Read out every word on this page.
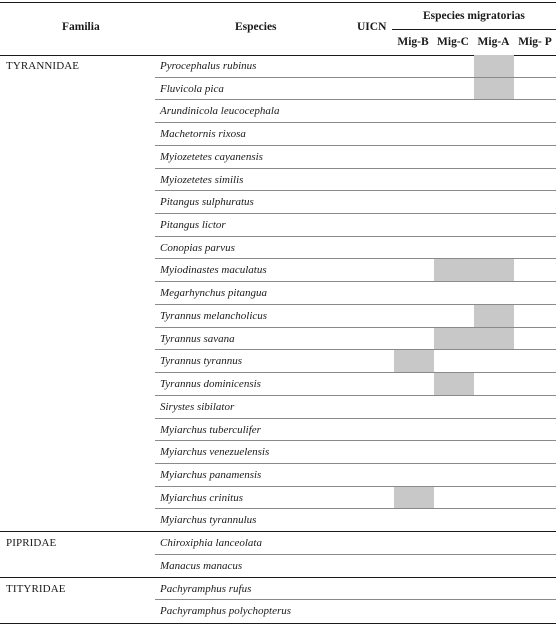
Familia	Especies	UICN
Especies migratorias
Mig-B Mig-C Mig-A Mig- P
TYRANNIDAE	Pyrocephalus rubinus
Fluvicola pica
Arundinicola leucocephala
Machetornis rixosa
Myiozetetes cayanensis
Myiozetetes similis
Pitangus sulphuratus
Pitangus lictor
Conopias parvus
Myiodinastes maculatus
Megarhynchus pitangua
Tyrannus melancholicus
Tyrannus savana
Tyrannus tyrannus
Tyrannus dominicensis
Sirystes sibilator
Myiarchus tuberculifer
Myiarchus venezuelensis
Myiarchus panamensis
Myiarchus crinitus
Myiarchus tyrannulus
PIPRIDAE	Chiroxiphia lanceolata
Manacus manacus
TITYRIDAE	Pachyramphus rufus
Pachyramphus polychopterus
